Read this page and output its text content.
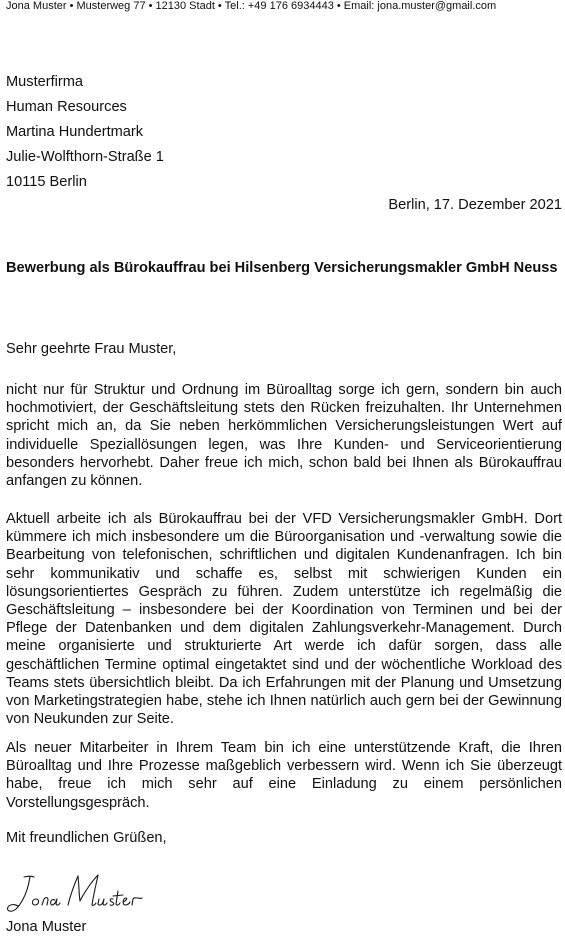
Jona Muster • Musterweg 77 • 12130 Stadt • Tel.: +49 176 6934443 • Email: jona.muster@gmail.com
Musterfirma
Human Resources
Martina Hundertmark
Julie-Wolfthorn-Straße 1
10115 Berlin
Berlin, 17. Dezember 2021
Bewerbung als Bürokauffrau bei Hilsenberg Versicherungsmakler GmbH Neuss
Sehr geehrte Frau Muster,
nicht nur für Struktur und Ordnung im Büroalltag sorge ich gern, sondern bin auch hochmotiviert, der Geschäftsleitung stets den Rücken freizuhalten. Ihr Unternehmen spricht mich an, da Sie neben herkömmlichen Versicherungsleistungen Wert auf individuelle Speziallösungen legen, was Ihre Kunden- und Serviceorientierung besonders hervorhebt. Daher freue ich mich, schon bald bei Ihnen als Bürokauffrau anfangen zu können.
Aktuell arbeite ich als Bürokauffrau bei der VFD Versicherungsmakler GmbH. Dort kümmere ich mich insbesondere um die Büroorganisation und -verwaltung sowie die Bearbeitung von telefonischen, schriftlichen und digitalen Kundenanfragen. Ich bin sehr kommunikativ und schaffe es, selbst mit schwierigen Kunden ein lösungsorientiertes Gespräch zu führen. Zudem unterstütze ich regelmäßig die Geschäftsleitung – insbesondere bei der Koordination von Terminen und bei der Pflege der Datenbanken und dem digitalen Zahlungsverkehr-Management. Durch meine organisierte und strukturierte Art werde ich dafür sorgen, dass alle geschäftlichen Termine optimal eingetaktet sind und der wöchentliche Workload des Teams stets übersichtlich bleibt. Da ich Erfahrungen mit der Planung und Umsetzung von Marketingstrategien habe, stehe ich Ihnen natürlich auch gern bei der Gewinnung von Neukunden zur Seite.
Als neuer Mitarbeiter in Ihrem Team bin ich eine unterstützende Kraft, die Ihren Büroalltag und Ihre Prozesse maßgeblich verbessern wird. Wenn ich Sie überzeugt habe, freue ich mich sehr auf eine Einladung zu einem persönlichen Vorstellungsgespräch.
Mit freundlichen Grüßen,
Jona Muster
